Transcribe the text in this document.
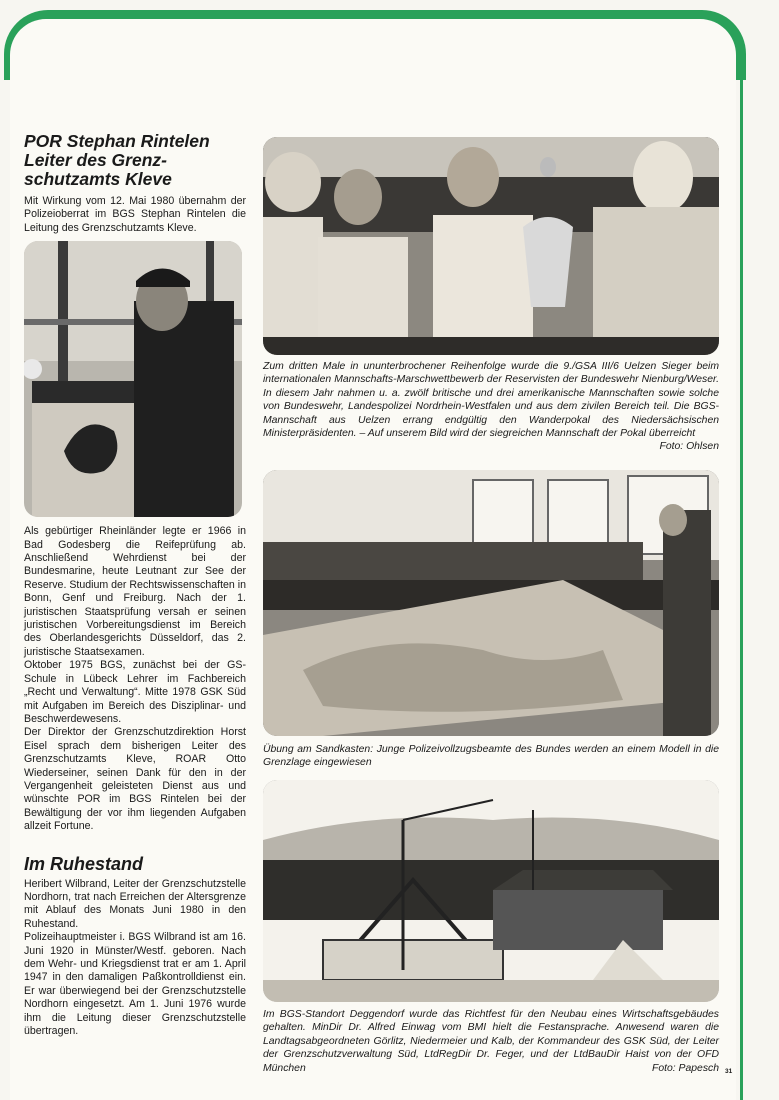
POR Stephan Rintelen
Leiter des Grenz-
schutzamts Kleve

Mit Wirkung vom 12. Mai 1980 übernahm der Polizeioberrat im BGS Stephan Rintelen die Leitung des Grenzschutzamts Kleve.

Als gebürtiger Rheinländer legte er 1966 in Bad Godesberg die Reifeprüfung ab. Anschließend Wehrdienst bei der Bundesmarine, heute Leutnant zur See der Reserve. Studium der Rechtswissenschaften in Bonn, Genf und Freiburg. Nach der 1. juristischen Staatsprüfung versah er seinen juristischen Vorbereitungsdienst im Bereich des Oberlandesgerichts Düsseldorf, das 2. juristische Staatsexamen.

Oktober 1975 BGS, zunächst bei der GS-Schule in Lübeck Lehrer im Fachbereich „Recht und Verwaltung“. Mitte 1978 GSK Süd mit Aufgaben im Bereich des Disziplinar- und Beschwerdewesens.

Der Direktor der Grenzschutzdirektion Horst Eisel sprach dem bisherigen Leiter des Grenzschutzamts Kleve, ROAR Otto Wiederseiner, seinen Dank für den in der Vergangenheit geleisteten Dienst aus und wünschte POR im BGS Rintelen bei der Bewältigung der vor ihm liegenden Aufgaben allzeit Fortune.

Im Ruhestand

Heribert Wilbrand, Leiter der Grenzschutzstelle Nordhorn, trat nach Erreichen der Altersgrenze mit Ablauf des Monats Juni 1980 in den Ruhestand.

Polizeihauptmeister i. BGS Wilbrand ist am 16. Juni 1920 in Münster/Westf. geboren. Nach dem Wehr- und Kriegsdienst trat er am 1. April 1947 in den damaligen Paßkontrolldienst ein. Er war überwiegend bei der Grenzschutzstelle Nordhorn eingesetzt. Am 1. Juni 1976 wurde ihm die Leitung dieser Grenzschutzstelle übertragen.

Zum dritten Male in ununterbrochener Reihenfolge wurde die 9./GSA III/6 Uelzen Sieger beim internationalen Mannschafts-Marschwettbewerb der Reservisten der Bundeswehr Nienburg/Weser. In diesem Jahr nahmen u. a. zwölf britische und drei amerikanische Mannschaften sowie solche von Bundeswehr, Landespolizei Nordrhein-Westfalen und aus dem zivilen Bereich teil. Die BGS-Mannschaft aus Uelzen errang endgültig den Wanderpokal des Niedersächsischen Ministerpräsidenten. – Auf unserem Bild wird der siegreichen Mannschaft der Pokal überreicht
Foto: Ohlsen
Übung am Sandkasten: Junge Polizeivollzugsbeamte des Bundes werden an einem Modell in die Grenzlage eingewiesen
Im BGS-Standort Deggendorf wurde das Richtfest für den Neubau eines Wirtschaftsgebäudes gehalten. MinDir Dr. Alfred Einwag vom BMI hielt die Festansprache. Anwesend waren die Landtagsabgeordneten Görlitz, Niedermeier und Kalb, der Kommandeur des GSK Süd, der Leiter der Grenzschutzverwaltung Süd, LtdRegDir Dr. Feger, und der LtdBauDir Haist von der OFD München	Foto: Papesch 31
